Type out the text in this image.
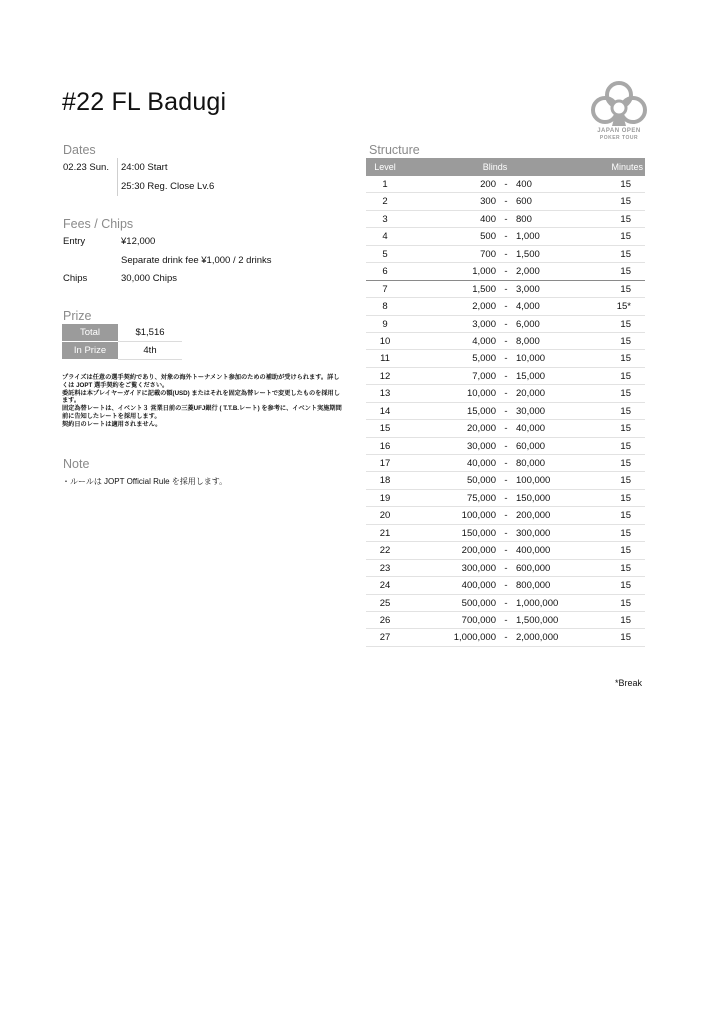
#22 FL Badugi
JAPAN OPEN
POKER TOUR
Dates
02.23 Sun. 24:00 Start
25:30 Reg. Close Lv.6
Fees / Chips
Entry	¥12,000
Separate drink fee ¥1,000 / 2 drinks
Chips	30,000 Chips
Prize
Total	$1,516
In Prize	4th

プライズは任意の選手契約であり、対象の海外トーナメント参加のための補助が受けられます。詳しくは JOPT 選手契約をご覧ください。

委託料は本プレイヤーガイドに記載の額(USD) またはそれを固定為替レートで変更したものを採用します。

固定為替レートは、イベント３ 営業日前の三菱UFJ銀行 ( T.T.B.レート) を参考に、イベント実施期間前に告知したレートを採用します。

契約日のレートは適用されません。

Note
・ルールは JOPT Official Rule を採用します。
Structure
Level	Blinds	Minutes
1	200 - 400	15
2	300 - 600	15
3	400 - 800	15
4	500 - 1,000	15
5	700 - 1,500	15
6	1,000 - 2,000	15
7	1,500 - 3,000	15
8	2,000 - 4,000	15*
9	3,000 - 6,000	15
10	4,000 - 8,000	15
11	5,000 - 10,000	15
12	7,000 - 15,000	15
13	10,000 - 20,000	15
14	15,000 - 30,000	15
15	20,000 - 40,000	15
16	30,000 - 60,000	15
17	40,000 - 80,000	15
18	50,000 - 100,000	15
19	75,000 - 150,000	15
20	100,000 - 200,000	15
21	150,000 - 300,000	15
22	200,000 - 400,000	15
23	300,000 - 600,000	15
24	400,000 - 800,000	15
25	500,000 - 1,000,000	15
26	700,000 - 1,500,000	15
27	1,000,000 - 2,000,000	15
*Break
